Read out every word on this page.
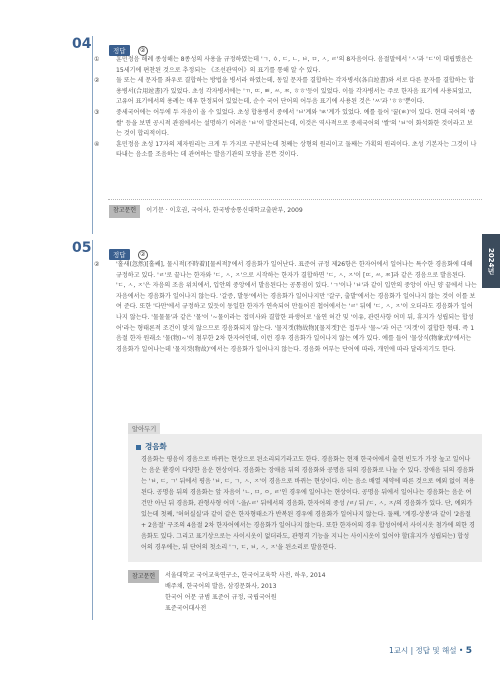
04	정답 ②
①	훈민정음 해례 종성해는 8종성의 사용을 규정하였는데 'ㄱ, ㆁ, ㄷ, ㄴ, ㅂ, ㅁ, ㅅ, ㄹ'의 8자음이다. 음절말에서 'ㅅ'과 'ㄷ'이 대립했음은 15세기에 편찬된 것으로 추정되는 《조선관역어》의 표기를 통해 알 수 있다.
②	둘 또는 세 문자를 좌우로 결합하는 방법을 병서라 하였는데, 동일 문자를 결합하는 각자병서(各自竝書)와 서로 다른 문자를 결합하는 합용병서(合用竝書)가 있었다. 초성 각자병서에는 'ㄲ, ㄸ, ㅃ, ㅆ, ㅉ, ㅎㅎ'등이 있었다. 이들 각자병서는 주로 한자음 표기에 사용되었고, 고유어 표기에서의 용례는 매우 한정되어 있었는데, 순수 국어 단어의 어두음 표기에 사용된 것은 'ㅆ'과 'ㅎㅎ'뿐이다.
③	중세국어에는 어두에 두 자음이 올 수 있었다. 초성 합용병서 중에서 'ㅂ'계와 'ㅄ'계가 있었다. 예를 들어 '꿀(ㅄ)'이 있다. 현대 국어의 '좁쌀' 등을 보면 공시적 관점에서는 설명하기 어려운 'ㅂ'이 발견되는데, 이것은 역사적으로 중세국어의 '쌀'의 'ㅂ'이 화석화한 것이라고 보는 것이 합리적이다.
④	훈민정음 초성 17자의 제자원리는 크게 두 가지로 구분되는데 첫째는 상형의 원리이고 둘째는 가획의 원리이다. 초성 기본자는 그것이 나타내는 음소를 조음하는 데 관여하는 발음기관의 모양을 본뜬 것이다.
참고문헌 이기문 · 이호권, 국어사, 한국방송통신대학교출판부, 2009
05	정답 ②
②	'홀새(忽然)[홀쌔], 물시적(不時着)[물씨적]'에서 경음화가 일어난다. 표준어 규정 제26항은 한자어에서 일어나는 특수한 경음화에 대해 규정하고 있다. 'ㄹ'로 끝나는 한자와 'ㄷ, ㅅ, ㅈ'으로 시작하는 한자가 결합하면 'ㄷ, ㅅ, ㅈ'이 [ㄸ, ㅆ, ㅉ]과 같은 경음으로 발음된다. 'ㄷ, ㅅ, ㅈ'은 자음의 조음 위치에서, 입안의 중앙에서 발음된다는 공통점이 있다. 'ㄱ'이나 'ㅂ'과 같이 입안의 중앙이 아닌 양 끝에서 나는 자음에서는 경음화가 일어나지 않는다. '갈증, 발동'에서는 경음화가 일어나지만 '갈구, 출발'에서는 경음화가 일어나지 않는 것이 이를 보여 준다. 또한 '다만'에서 규정하고 있듯이 동일한 한자가 연속되어 만들어진 첩어에서는 'ㄹ' 뒤에 'ㄷ, ㅅ, ㅈ'이 오더라도 경음화가 일어나지 않는다. '물물물'과 같은 '물'이 '~물이라는 접미사와 결합한 파생어로 '울연 허간 및 '이유, 관련사항 어미 뒤, 휴지가 성립되는 합성어'라는 형태론적 조건이 맞지 않으므로 경음화되지 않는다. '물지겟(物故物)[물지겟]'은 접두사 '물~'과 어근 '지겟'이 결합한 형태. 즉 1음절 한자 원래소 '물(物)~'이 첨부한 2차 한자어인데, 이런 경우 경음화가 일어나지 않는 예가 있다. 예를 들어 '물상식(物象式)'에서는 경음화가 일어나는데 '물지겟(物故)'에서는 경음화가 일어나지 않는다. 경음화 여부는 단어에 따라, 개인에 따라 달라지기도 한다.
알아두기
경음화
경음화는 평음이 경음으로 바뀌는 현상으로 된소리되기라고도 한다. 경음화는 현재 한국어에서 출현 빈도가 가장 높고 일어나는 음운 환경이 다양한 음운 현상이다. 경음화는 장애음 뒤의 경음화와 공명음 뒤의 경음화로 나눌 수 있다. 장애음 뒤의 경음화는 'ㅂ, ㄷ, ㄱ' 뒤에서 평음 'ㅂ, ㄷ, ㄱ, ㅅ, ㅈ'이 경음으로 바뀌는 현상이다. 이는 음소 배열 제약에 따른 것으로 예외 없이 적용된다. 공명음 뒤의 경음화는 앞 자음이 'ㄴ, ㅁ, ㅇ, ㄹ'인 경우에 일어나는 현상이다. 공명음 뒤에서 일어나는 경음화는 음운 여건만 아닌 뒤 경음화, 관형사형 어미 '-을/-ㄹ' 뒤에서의 경음화, 한자어의 중성 /ㄹ/ 뒤 /ㄷ, ㅅ, ㅈ/의 경음화가 있다. 단, 예외가 있는데 첫째, '허허실실'과 같이 같은 한자형태소가 반복된 경우에 경음화가 일어나지 않는다. 둘째, '계경-상봉'과 같이 '2음절 + 2음절' 구조의 4음절 2차 한자어에서는 경음화가 일어나지 않는다. 또한 한자어의 경우 합성어에서 사이시옷 첨가에 의한 경음화도 있다. 그리고 표기상으로는 사이시옷이 없더라도, 관형격 기능을 지니는 사이시옷이 있어야 할(휴지가 성립되는) 합성어의 경우에는, 뒤 단어의 첫소리 'ㄱ, ㄷ, ㅂ, ㅅ, ㅈ'을 된소리로 발음한다.
참고문헌 서울대학교 국어교육연구소, 한국어교육학 사전, 하우, 2014
배주채, 한국어의 발음, 삼경문화사, 2013
한국어 어문 규범 표준어 규정, 국립국어원
표준국어대사전
2024년
1교시 | 정답 및 해설 • 5
